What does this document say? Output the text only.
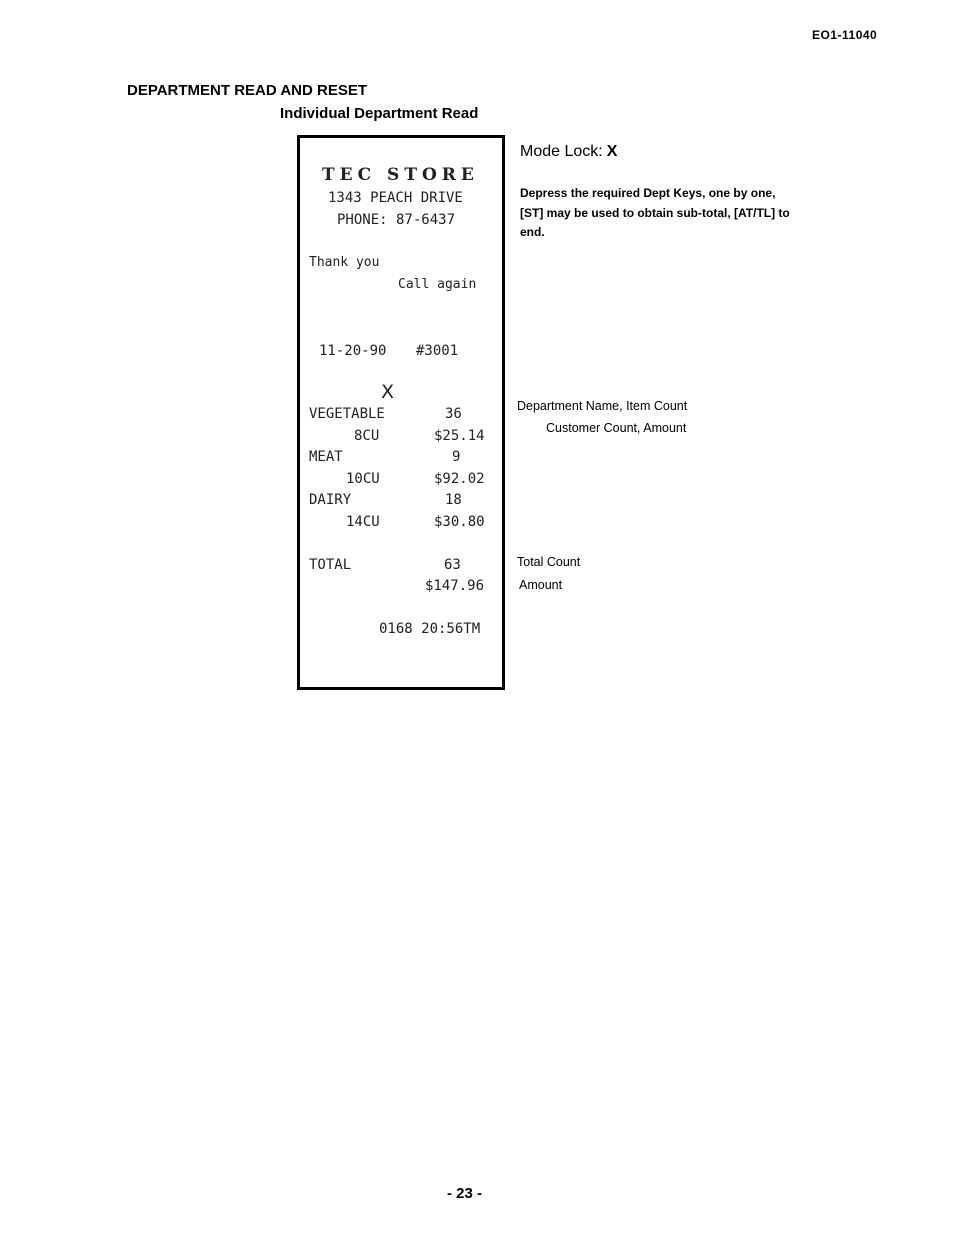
EO1-11040
DEPARTMENT READ AND RESET
Individual Department Read
TEC STORE
1343 PEACH DRIVE
PHONE: 87-6437
Thank you
Call again
11-20-90 #3001
X
VEGETABLE	36
8CU	$25.14
MEAT	9
10CU	$92.02
DAIRY	18
14CU	$30.80
TOTAL	63
$147.96
0168 20:56TM
Mode Lock: X
Depress the required Dept Keys, one by one,
[ST] may be used to obtain sub-total, [AT/TL] to
end.
Department Name, Item Count
Customer Count, Amount
Total Count
Amount
- 23 -
